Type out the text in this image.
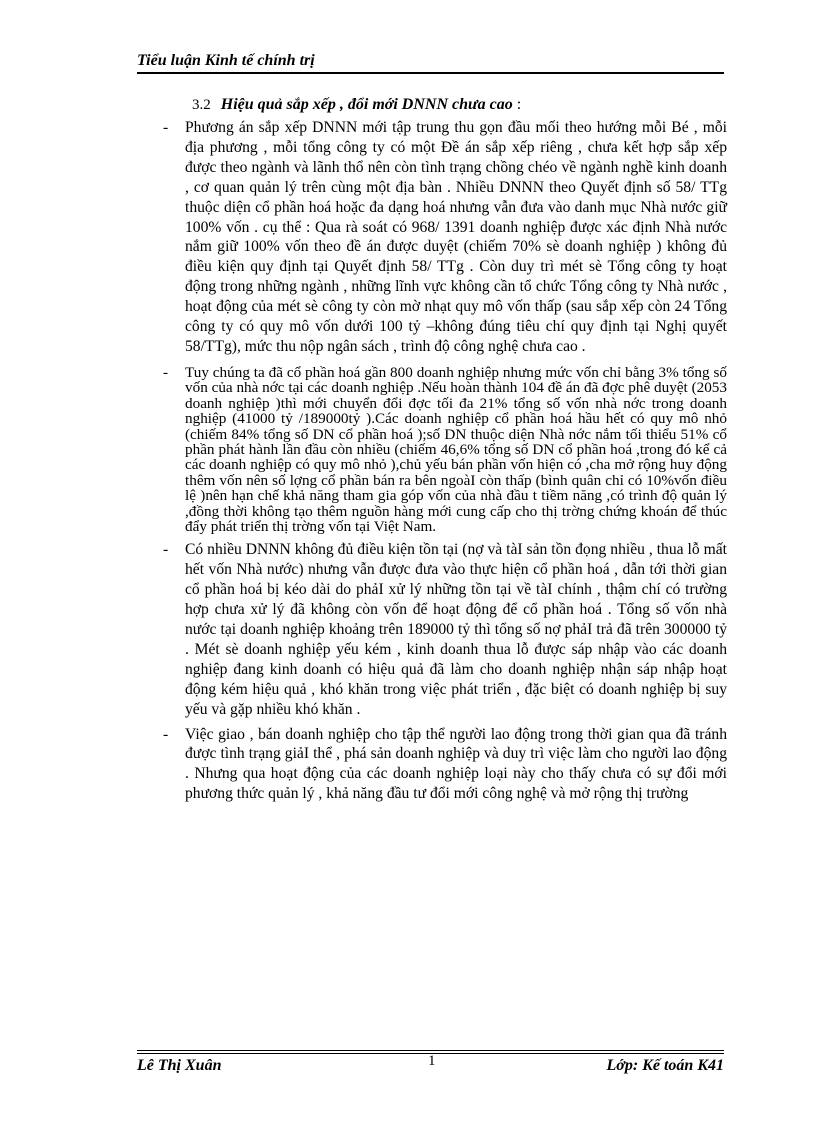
Tiểu luận Kinh tế chính trị
3.2 Hiệu quả sắp xếp , đổi mới DNNN chưa cao :
- Phương án sắp xếp DNNN mới tập trung thu gọn đầu mối theo hướng mỗi Bé , mỗi địa phương , mỗi tổng công ty có một Đề án sắp xếp riêng , chưa kết hợp sắp xếp được theo ngành và lãnh thổ nên còn tình trạng chồng chéo về ngành nghề kinh doanh , cơ quan quản lý trên cùng một địa bàn . Nhiều DNNN theo Quyết định số 58/ TTg thuộc diện cổ phần hoá hoặc đa dạng hoá nhưng vẫn đưa vào danh mục Nhà nước giữ 100% vốn . cụ thể : Qua rà soát có 968/ 1391 doanh nghiệp được xác định Nhà nước nắm giữ 100% vốn theo đề án được duyệt (chiếm 70% sè doanh nghiệp ) không đủ điều kiện quy định tại Quyết định 58/ TTg . Còn duy trì mét sè Tổng công ty hoạt động trong những ngành , những lĩnh vực không cần tổ chức Tổng công ty Nhà nước , hoạt động của mét sè công ty còn mờ nhạt quy mô vốn thấp (sau sắp xếp còn 24 Tổng công ty có quy mô vốn dưới 100 tỷ –không đúng tiêu chí quy định tại Nghị quyết 58/TTg), mức thu nộp ngân sách , trình độ công nghệ chưa cao .
- Tuy chúng ta đã cổ phần hoá gần 800 doanh nghiệp nhưng mức vốn chỉ bằng 3% tổng số vốn của nhà nớc tại các doanh nghiệp .Nếu hoàn thành 104 đề án đã đợc phê duyệt (2053 doanh nghiệp )thì mới chuyển đổi đợc tối đa 21% tổng số vốn nhà nớc trong doanh nghiệp (41000 tỷ /189000tỷ ).Các doanh nghiệp cổ phần hoá hầu hết có quy mô nhỏ (chiếm 84% tổng số DN cổ phần hoá );số DN thuộc diện Nhà nớc nắm tối thiểu 51% cổ phần phát hành lần đầu còn nhiều (chiếm 46,6% tổng số DN cổ phần hoá ,trong đó kể cả các doanh nghiệp có quy mô nhỏ ),chủ yếu bán phần vốn hiện có ,cha mở rộng huy động thêm vốn nên số lợng cổ phần bán ra bên ngoàI còn thấp (bình quân chỉ có 10%vốn điều lệ )nên hạn chế khả năng tham gia góp vốn của nhà đầu t tiềm năng ,có trình độ quản lý ,đồng thời không tạo thêm nguồn hàng mới cung cấp cho thị trờng chứng khoán để thúc đẩy phát triển thị trờng vốn tại Việt Nam.
- Có nhiều DNNN không đủ điều kiện tồn tại (nợ và tàI sản tồn đọng nhiều , thua lỗ mất hết vốn Nhà nước) nhưng vẫn được đưa vào thực hiện cổ phần hoá , dẫn tới thời gian cổ phần hoá bị kéo dài do phảI xử lý những tồn tại về tàI chính , thậm chí có trường hợp chưa xử lý đã không còn vốn để hoạt động để cổ phần hoá . Tổng số vốn nhà nước tại doanh nghiệp khoảng trên 189000 tỷ thì tổng số nợ phảI trả đã trên 300000 tỷ . Mét sè doanh nghiệp yếu kém , kinh doanh thua lỗ được sáp nhập vào các doanh nghiệp đang kinh doanh có hiệu quả đã làm cho doanh nghiệp nhận sáp nhập hoạt động kém hiệu quả , khó khăn trong việc phát triển , đặc biệt có doanh nghiệp bị suy yếu và gặp nhiều khó khăn .
- Việc giao , bán doanh nghiệp cho tập thể người lao động trong thời gian qua đã tránh được tình trạng giảI thể , phá sản doanh nghiệp và duy trì việc làm cho người lao động . Nhưng qua hoạt động của các doanh nghiệp loại này cho thấy chưa có sự đổi mới phương thức quản lý , khả năng đầu tư đổi mới công nghệ và mở rộng thị trường
Lê Thị Xuân	1	Lớp: Kế toán K41
